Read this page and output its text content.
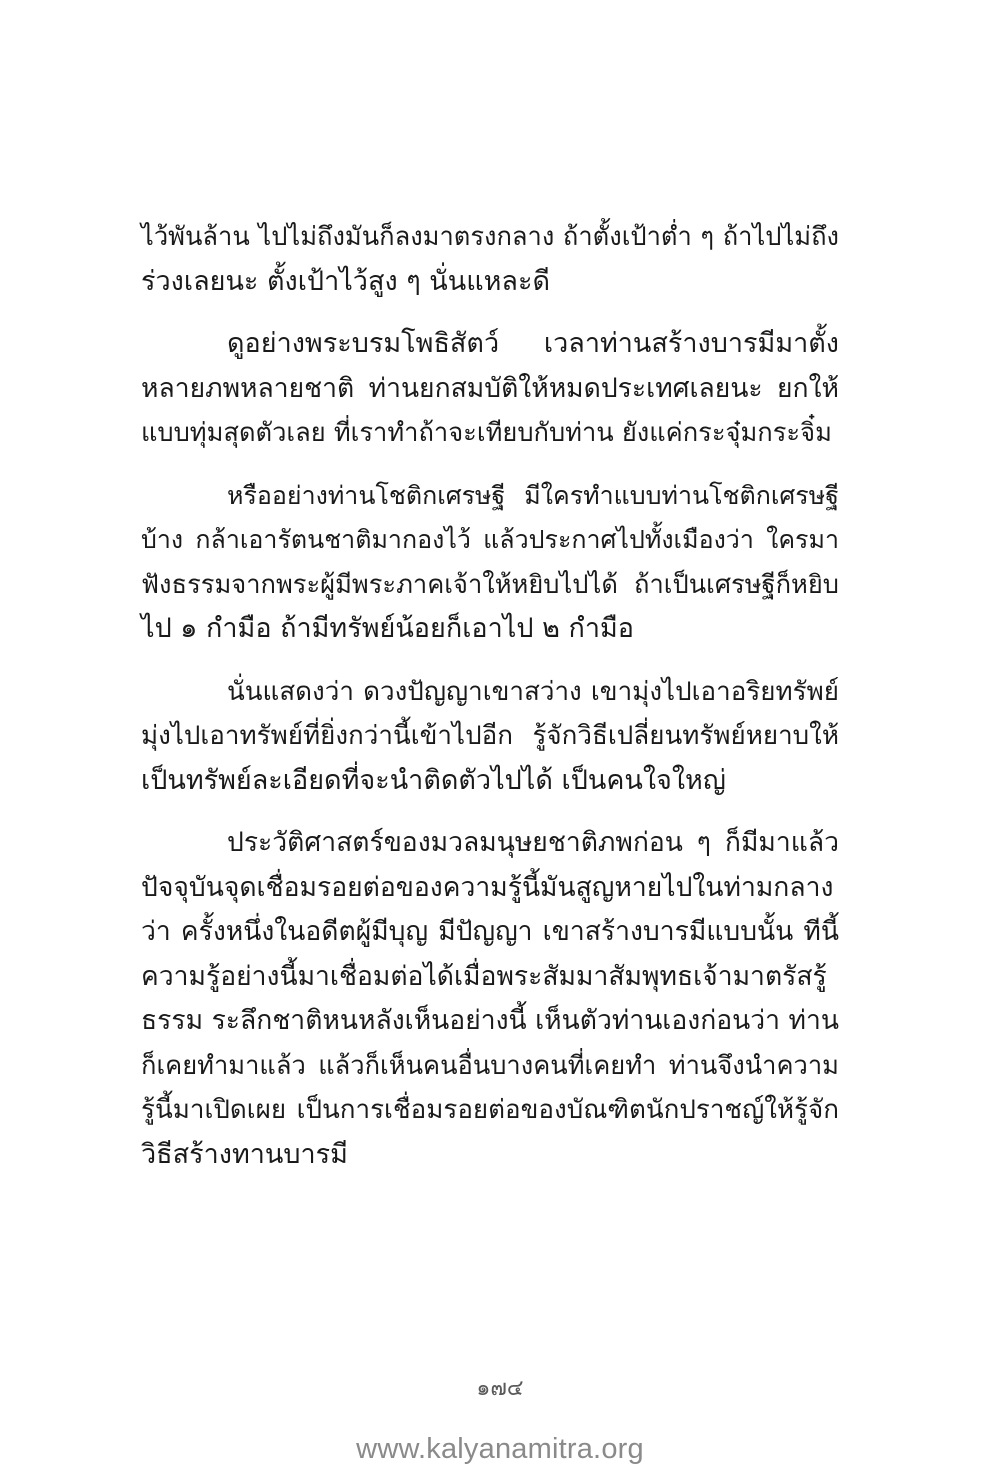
ไว้พันล้าน ไปไม่ถึงมันก็ลงมาตรงกลาง ถ้าตั้งเป้าต่ำ ๆ ถ้าไปไม่ถึง
ร่วงเลยนะ ตั้งเป้าไว้สูง ๆ นั่นแหละดี

ดูอย่างพระบรมโพธิสัตว์ เวลาท่านสร้างบารมีมาตั้ง
หลายภพหลายชาติ ท่านยกสมบัติให้หมดประเทศเลยนะ ยกให้
แบบทุ่มสุดตัวเลย ที่เราทำถ้าจะเทียบกับท่าน ยังแค่กระจุ๋มกระจิ๋ม

หรืออย่างท่านโชติกเศรษฐี มีใครทำแบบท่านโชติกเศรษฐี
บ้าง กล้าเอารัตนชาติมากองไว้ แล้วประกาศไปทั้งเมืองว่า ใครมา
ฟังธรรมจากพระผู้มีพระภาคเจ้าให้หยิบไปได้ ถ้าเป็นเศรษฐีก็หยิบ
ไป ๑ กำมือ ถ้ามีทรัพย์น้อยก็เอาไป ๒ กำมือ

นั่นแสดงว่า ดวงปัญญาเขาสว่าง เขามุ่งไปเอาอริยทรัพย์
มุ่งไปเอาทรัพย์ที่ยิ่งกว่านี้เข้าไปอีก รู้จักวิธีเปลี่ยนทรัพย์หยาบให้
เป็นทรัพย์ละเอียดที่จะนำติดตัวไปได้ เป็นคนใจใหญ่

ประวัติศาสตร์ของมวลมนุษยชาติภพก่อน ๆ ก็มีมาแล้ว
ปัจจุบันจุดเชื่อมรอยต่อของความรู้นี้มันสูญหายไปในท่ามกลาง
ว่า ครั้งหนึ่งในอดีตผู้มีบุญ มีปัญญา เขาสร้างบารมีแบบนั้น ทีนี้
ความรู้อย่างนี้มาเชื่อมต่อได้เมื่อพระสัมมาสัมพุทธเจ้ามาตรัสรู้
ธรรม ระลึกชาติหนหลังเห็นอย่างนี้ เห็นตัวท่านเองก่อนว่า ท่าน
ก็เคยทำมาแล้ว แล้วก็เห็นคนอื่นบางคนที่เคยทำ ท่านจึงนำความ
รู้นี้มาเปิดเผย เป็นการเชื่อมรอยต่อของบัณฑิตนักปราชญ์ให้รู้จัก
วิธีสร้างทานบารมี

๑๗๔
www.kalyanamitra.org
